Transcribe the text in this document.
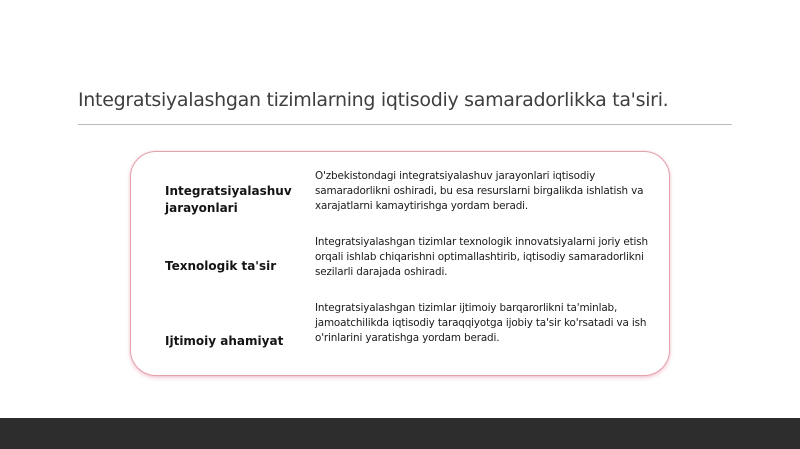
Integratsiyalashgan tizimlarning iqtisodiy samaradorlikka ta'siri.
Integratsiyalashuv jarayonlari

O'zbekistondagi integratsiyalashuv jarayonlari iqtisodiy samaradorlikni oshiradi, bu esa resurslarni birgalikda ishlatish va xarajatlarni kamaytirishga yordam beradi.

Texnologik ta'sir

Integratsiyalashgan tizimlar texnologik innovatsiyalarni joriy etish orqali ishlab chiqarishni optimallashtirib, iqtisodiy samaradorlikni sezilarli darajada oshiradi.

Ijtimoiy ahamiyat

Integratsiyalashgan tizimlar ijtimoiy barqarorlikni ta'minlab, jamoatchilikda iqtisodiy taraqqiyotga ijobiy ta'sir ko'rsatadi va ish o'rinlarini yaratishga yordam beradi.
